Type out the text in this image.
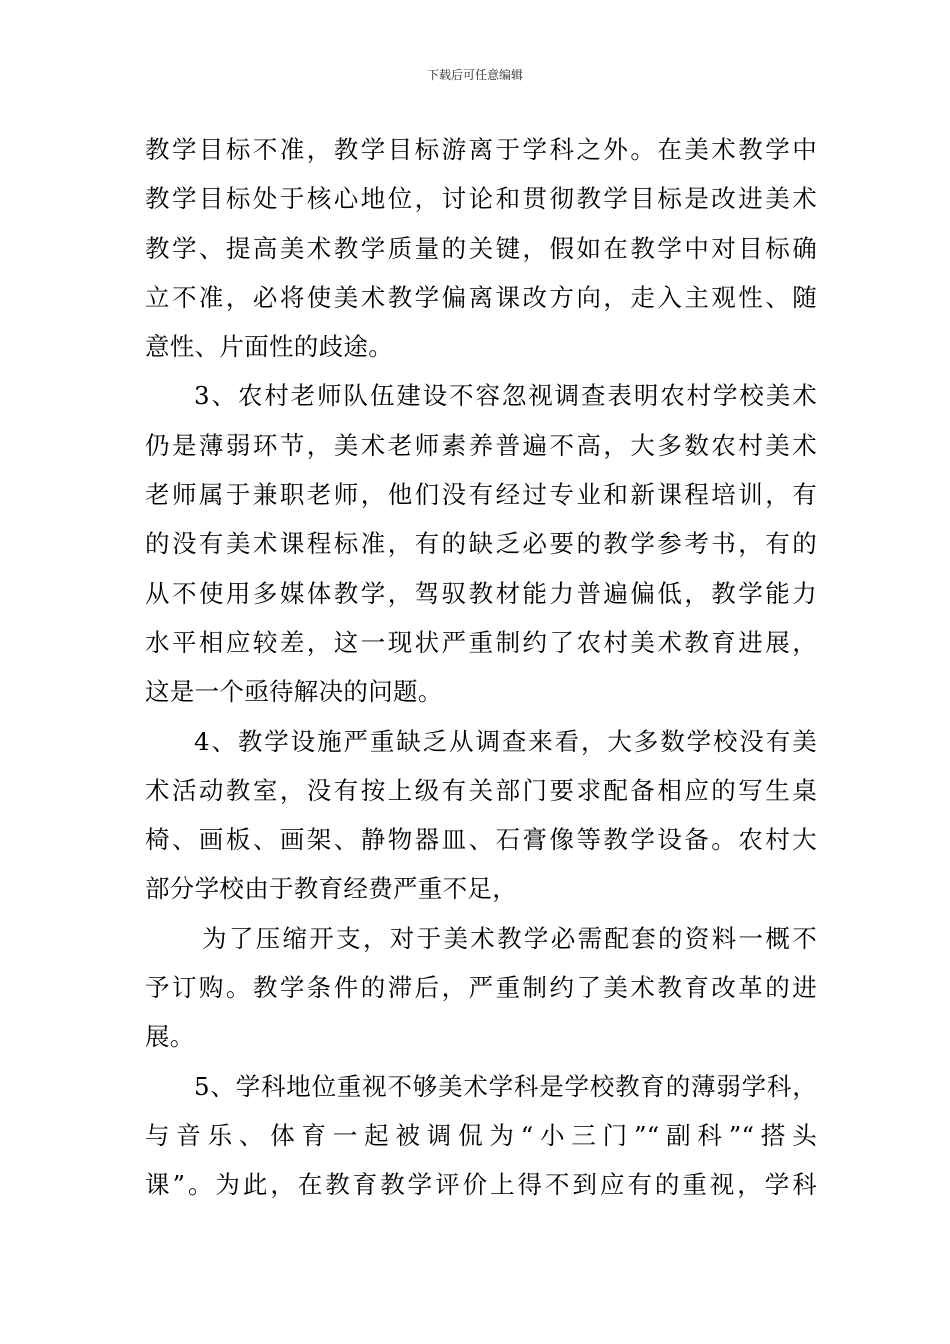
下载后可任意编辑
教学目标不准，教学目标游离于学科之外。在美术教学中
教学目标处于核心地位，讨论和贯彻教学目标是改进美术
教学、提高美术教学质量的关键，假如在教学中对目标确
立不准，必将使美术教学偏离课改方向，走入主观性、随
意性、片面性的歧途。
3、农村老师队伍建设不容忽视调查表明农村学校美术
仍是薄弱环节，美术老师素养普遍不高，大多数农村美术
老师属于兼职老师，他们没有经过专业和新课程培训，有
的没有美术课程标准，有的缺乏必要的教学参考书，有的
从不使用多媒体教学，驾驭教材能力普遍偏低，教学能力
水平相应较差，这一现状严重制约了农村美术教育进展，
这是一个亟待解决的问题。
4、教学设施严重缺乏从调查来看，大多数学校没有美
术活动教室，没有按上级有关部门要求配备相应的写生桌
椅、画板、画架、静物器皿、石膏像等教学设备。农村大
部分学校由于教育经费严重不足，
为了压缩开支，对于美术教学必需配套的资料一概不
予订购。教学条件的滞后，严重制约了美术教育改革的进
展。
5、学科地位重视不够美术学科是学校教育的薄弱学科，
与音乐、体育一起被调侃为“小三门”“副科”“搭头
课”。为此，在教育教学评价上得不到应有的重视，学科
